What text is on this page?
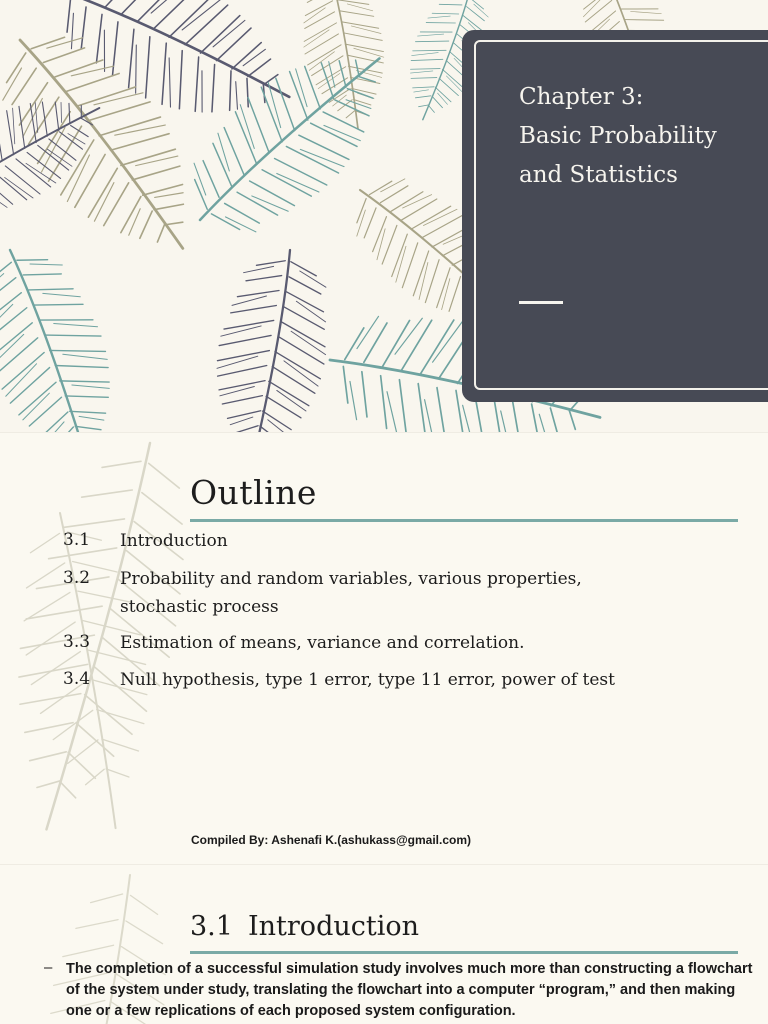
Chapter 3:
Basic Probability
and Statistics
Outline
3.1 Introduction
3.2 Probability and random variables, various properties, stochastic process
3.3 Estimation of means, variance and correlation.
3.4 Null hypothesis, type 1 error, type 11 error, power of test
Compiled By: Ashenafi K.(ashukass@gmail.com)
3.1 Introduction
– The completion of a successful simulation study involves much more than constructing a flowchart of the system under study, translating the flowchart into a computer “program,” and then making one or a few replications of each proposed system configuration.
